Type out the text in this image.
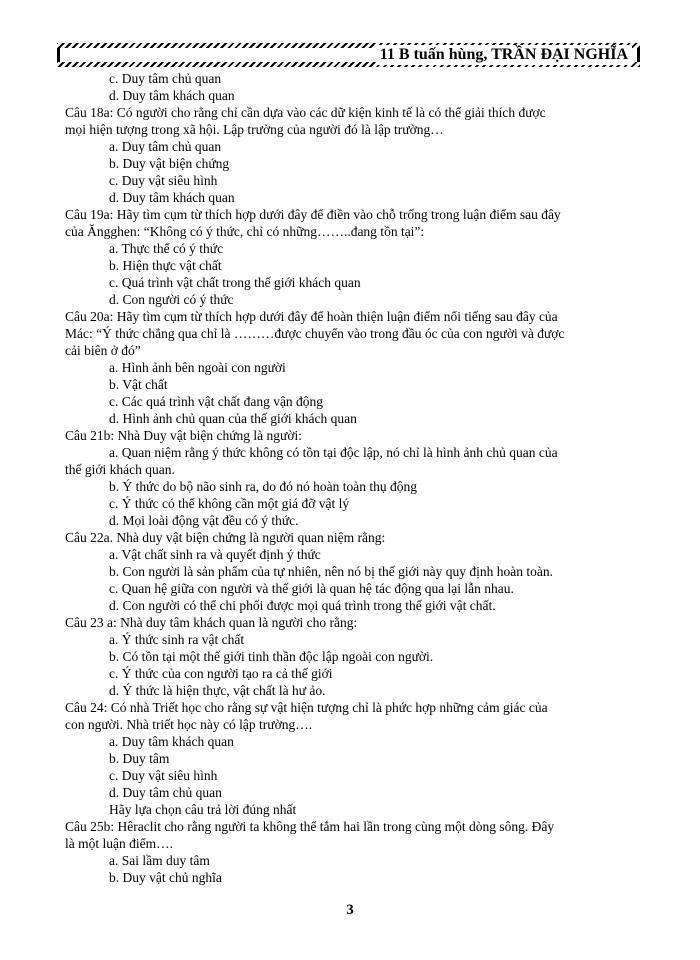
11 B tuấn hùng, TRẦN ĐẠI NGHĨA
c. Duy tâm chủ quan
d. Duy tâm khách quan
Câu 18a: Có người cho rằng chỉ cần dựa vào các dữ kiện kinh tế là có thể giải thích được
mọi hiện tượng trong xã hội. Lập trường của người đó là lập trường…
a. Duy tâm chủ quan
b. Duy vật biện chứng
c. Duy vật siêu hình
d. Duy tâm khách quan
Câu 19a: Hãy tìm cụm từ thích hợp dưới đây để điền vào chỗ trống trong luận điểm sau đây
của Ăngghen: “Không có ý thức, chỉ có những……..đang tồn tại”:
a. Thực thể có ý thức
b. Hiện thực vật chất
c. Quá trình vật chất trong thế giới khách quan
d. Con người có ý thức
Câu 20a: Hãy tìm cụm từ thích hợp dưới đây để hoàn thiện luận điểm nổi tiếng sau đây của
Mác: “Ý thức chẳng qua chỉ là ………được chuyển vào trong đầu óc của con người và được
cải biên ở đó”
a. Hình ảnh bên ngoài con người
b. Vật chất
c. Các quá trình vật chất đang vận động
d. Hình ảnh chủ quan của thế giới khách quan
Câu 21b: Nhà Duy vật biện chứng là người:
a. Quan niệm rằng ý thức không có tồn tại độc lập, nó chỉ là hình ảnh chủ quan của
thế giới khách quan.
b. Ý thức do bộ não sinh ra, do đó nó hoàn toàn thụ động
c. Ý thức có thể không cần một giá đỡ vật lý
d. Mọi loài động vật đều có ý thức.
Câu 22a. Nhà duy vật biện chứng là người quan niệm rằng:
a. Vật chất sinh ra và quyết định ý thức
b. Con người là sản phẩm của tự nhiên, nên nó bị thế giới này quy định hoàn toàn.
c. Quan hệ giữa con người và thế giới là quan hệ tác động qua lại lẫn nhau.
d. Con người có thể chi phối được mọi quá trình trong thế giới vật chất.
Câu 23 a: Nhà duy tâm khách quan là người cho rằng:
a. Ý thức sinh ra vật chất
b. Có tồn tại một thế giới tinh thần độc lập ngoài con người.
c. Ý thức của con người tạo ra cả thế giới
d. Ý thức là hiện thực, vật chất là hư ảo.
Câu 24: Có nhà Triết học cho rằng sự vật hiện tượng chỉ là phức hợp những cảm giác của
con người. Nhà triết học này có lập trường….
a. Duy tâm khách quan
b. Duy tâm
c. Duy vật siêu hình
d. Duy tâm chủ quan
Hãy lựa chọn câu trả lời đúng nhất
Câu 25b: Hêraclit cho rằng người ta không thể tắm hai lần trong cùng một dòng sông. Đây
là một luận điểm….
a. Sai lầm duy tâm
b. Duy vật chủ nghĩa
3
